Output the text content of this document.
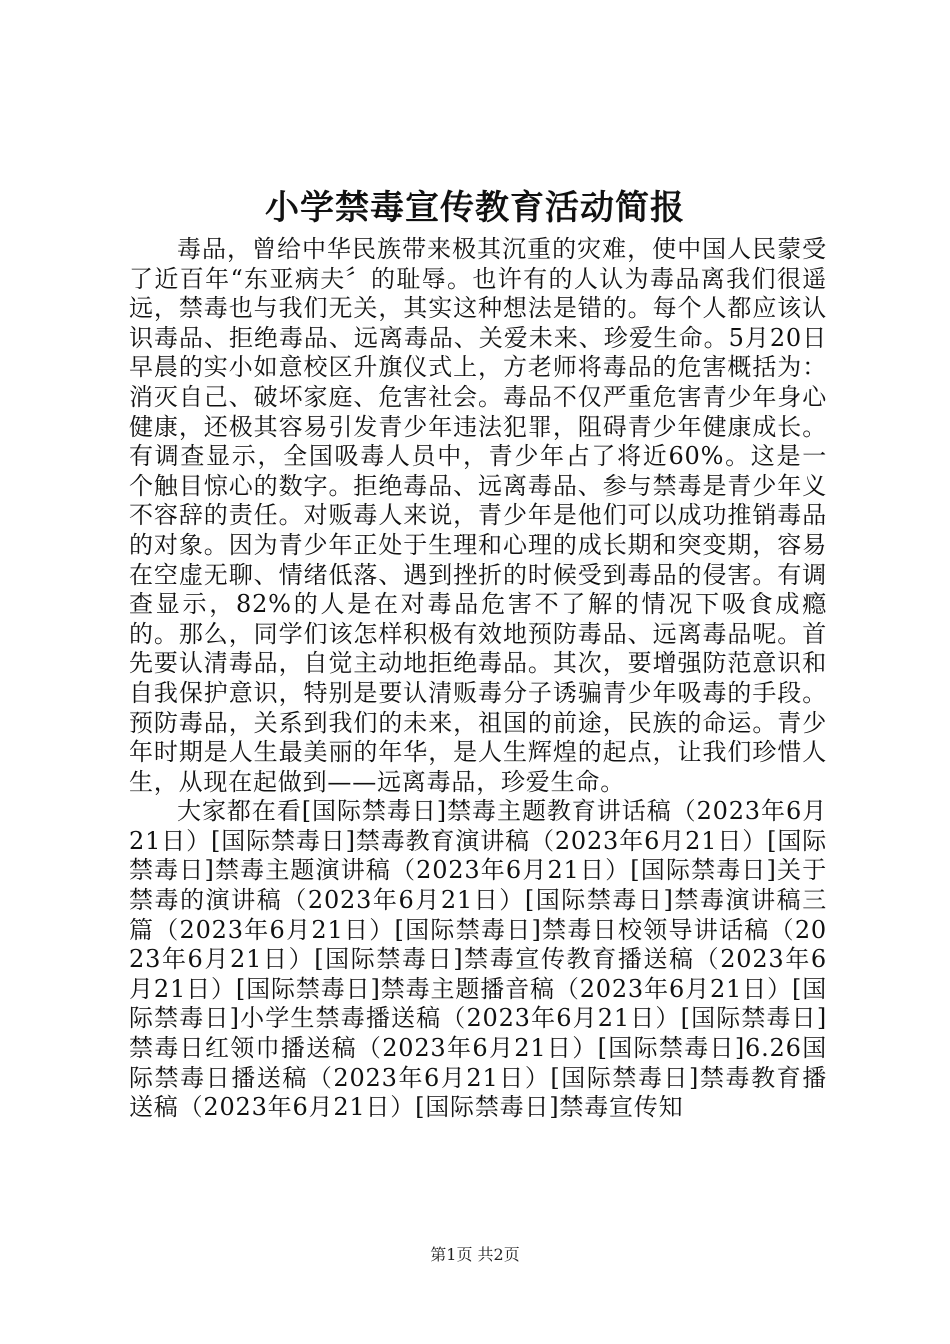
小学禁毒宣传教育活动简报

毒品，曾给中华民族带来极其沉重的灾难，使中国人民蒙受了近百年“东亚病夫〞的耻辱。也许有的人认为毒品离我们很遥远，禁毒也与我们无关，其实这种想法是错的。每个人都应该认识毒品、拒绝毒品、远离毒品、关爱未来、珍爱生命。5月20日早晨的实小如意校区升旗仪式上，方老师将毒品的危害概括为：消灭自己、破坏家庭、危害社会。毒品不仅严重危害青少年身心健康，还极其容易引发青少年违法犯罪，阻碍青少年健康成长。有调查显示，全国吸毒人员中，青少年占了将近60%。这是一个触目惊心的数字。拒绝毒品、远离毒品、参与禁毒是青少年义不容辞的责任。对贩毒人来说，青少年是他们可以成功推销毒品的对象。因为青少年正处于生理和心理的成长期和突变期，容易在空虚无聊、情绪低落、遇到挫折的时候受到毒品的侵害。有调查显示，82%的人是在对毒品危害不了解的情况下吸食成瘾的。那么，同学们该怎样积极有效地预防毒品、远离毒品呢。首先要认清毒品，自觉主动地拒绝毒品。其次，要增强防范意识和自我保护意识，特别是要认清贩毒分子诱骗青少年吸毒的手段。预防毒品，关系到我们的未来，祖国的前途，民族的命运。青少年时期是人生最美丽的年华，是人生辉煌的起点，让我们珍惜人生，从现在起做到——远离毒品，珍爱生命。

大家都在看[国际禁毒日]禁毒主题教育讲话稿（2023年6月21日）[国际禁毒日]禁毒教育演讲稿（2023年6月21日）[国际禁毒日]禁毒主题演讲稿（2023年6月21日）[国际禁毒日]关于禁毒的演讲稿（2023年6月21日）[国际禁毒日]禁毒演讲稿三篇（2023年6月21日）[国际禁毒日]禁毒日校领导讲话稿（2023年6月21日）[国际禁毒日]禁毒宣传教育播送稿（2023年6月21日）[国际禁毒日]禁毒主题播音稿（2023年6月21日）[国际禁毒日]小学生禁毒播送稿（2023年6月21日）[国际禁毒日]禁毒日红领巾播送稿（2023年6月21日）[国际禁毒日]6.26国际禁毒日播送稿（2023年6月21日）[国际禁毒日]禁毒教育播送稿（2023年6月21日）[国际禁毒日]禁毒宣传知

第1页 共2页
